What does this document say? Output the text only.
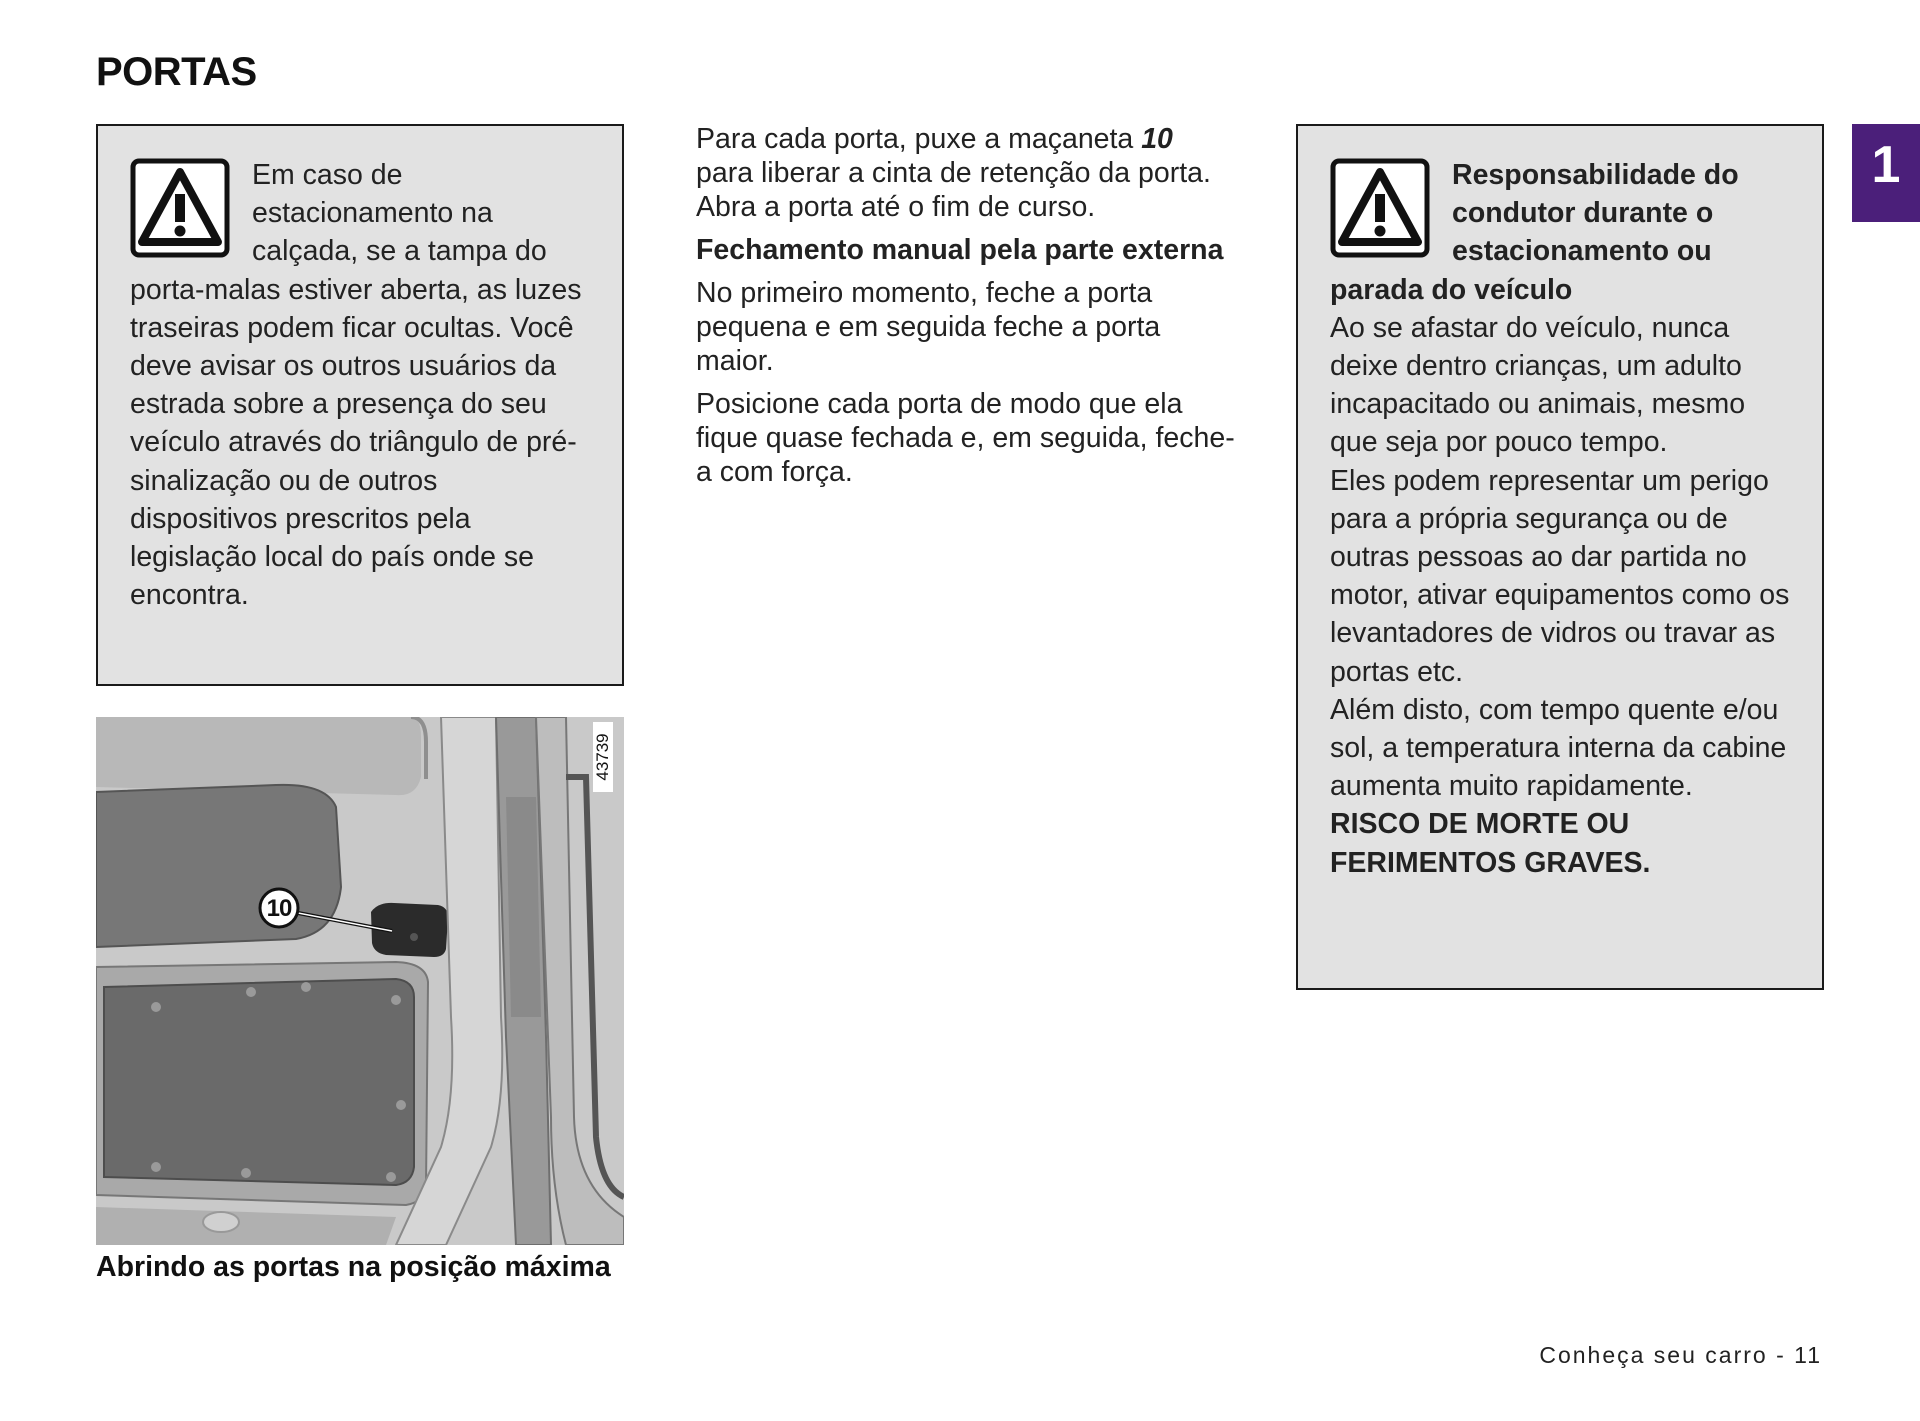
PORTAS
1

Em caso de estacionamento na calçada, se a tampa do porta-malas estiver aberta, as luzes traseiras podem ficar ocultas. Você deve avisar os outros usuários da estrada sobre a presença do seu veículo através do triângulo de pré-sinalização ou de outros dispositivos prescritos pela legislação local do país onde se encontra.

Para cada porta, puxe a maçaneta 10 para liberar a cinta de retenção da porta. Abra a porta até o fim de curso.

Fechamento manual pela parte externa

No primeiro momento, feche a porta pequena e em seguida feche a porta maior.

Posicione cada porta de modo que ela fique quase fechada e, em seguida, feche-a com força.

10
43739

Abrindo as portas na posição máxima

Responsabilidade do condutor durante o estacionamento ou parada do veículo

Ao se afastar do veículo, nunca deixe dentro crianças, um adulto incapacitado ou animais, mesmo que seja por pouco tempo.

Eles podem representar um perigo para a própria segurança ou de outras pessoas ao dar partida no motor, ativar equipamentos como os levantadores de vidros ou travar as portas etc.

Além disto, com tempo quente e/ou sol, a temperatura interna da cabine aumenta muito rapidamente.

RISCO DE MORTE OU FERIMENTOS GRAVES.

Conheça seu carro - 11
